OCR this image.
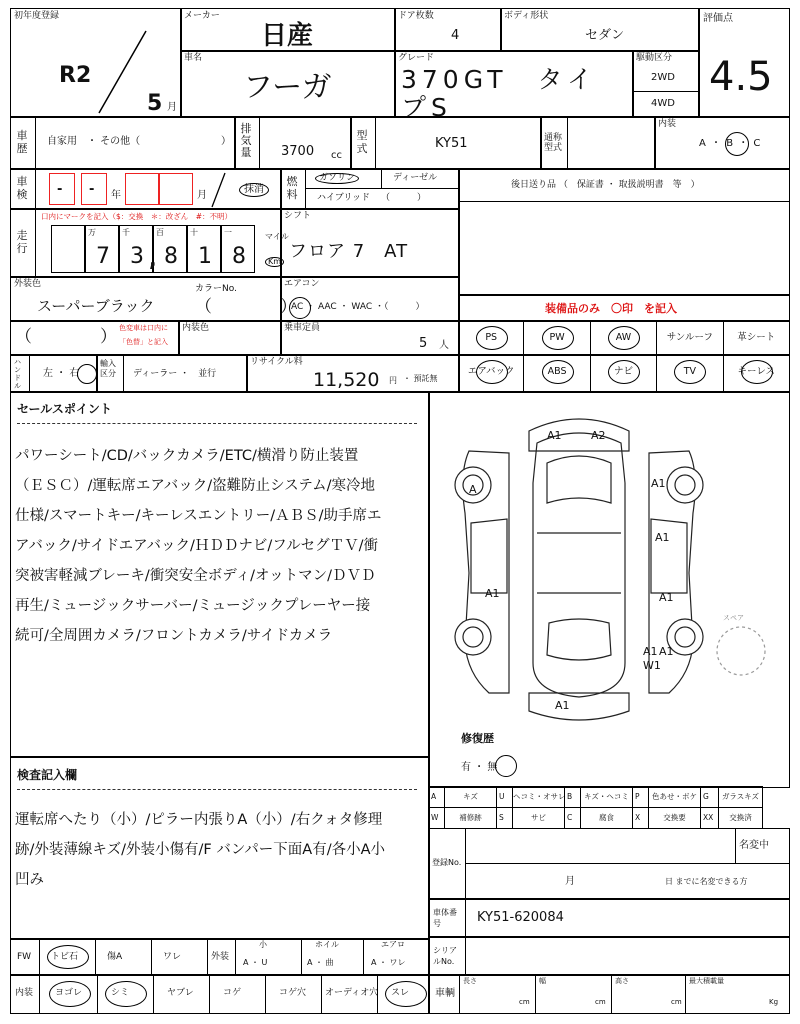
初年度登録
R2
5 月
メーカー
日産
ドア枚数
4
ボディ形状
セダン
評価点
4.5
車名
フーガ
グレード
370GT　タイ
プS
駆動区分
2WD
4WD
車歴
自家用　・ その他（	）
排気量 3700 cc
型式	KY51	通称型式
内装
A ・ B ・ C
車検 - - 年	月
抹消
燃料
ガソリン	ディーゼル
ハイブリッド （　　　）
後日送り品 （　保証書 ・ 取扱説明書　等　）
走行
口内にマークを記入（$：交換　＊：改ざん　#：不明）
万
7
千
3
百
8
十
1
一
8
,
マイル
Km
シフト
フロア 7　AT
エアコン
AC ・ AAC ・ WAC ・（　　　）
外装色
スーパーブラック
カラーNo.
（　　　　）	装備品のみ　〇印　を記入
（　　　　） 色変車は口内に
「色替」と記入
内装色	乗車定員
5 人
ハンドル
左 ・ 右
輸入区分	ディーラー ・　並行
リサイクル料
11,520 円 ・ 預託無
PS	PW	AW	サンルーフ	革シート
エアバック	ABS	ナビ	TV	キーレス
セールスポイント
パワーシート/CD/バックカメラ/ETC/横滑り防止装置
（ＥＳＣ）/運転席エアバック/盗難防止システム/寒冷地
仕様/スマートキー/キーレスエントリー/ＡＢＳ/助手席エ
アバック/サイドエアバック/ＨＤＤナビ/フルセグＴＶ/衝
突被害軽減ブレーキ/衝突安全ボディ/オットマン/ＤＶＤ
再生/ミュージックサーバー/ミュージックプレーヤー接
続可/全周囲カメラ/フロントカメラ/サイドカメラ
A1	A2
A1
A
A1
A1
A1
A1
A1
W1
A1
スペア
修復歴
有 ・ 無
検査記入欄
運転席へたり（小）/ピラー内張りA（小）/右クォタ修理
跡/外装薄線キズ/外装小傷有/F バンパー下面A有/各小A小
凹み
A	キズ	U ヘコミ・オサレ B	キズ・ヘコミ P	色あせ・ボケ G	ガラスキズ
W	補修跡	S	サビ	C	腐食	X	交換要	XX	交換済
登録No.
名変中
月	日 までに名変できる方
車体番号	KY51-620084
シリアルNo.
車輌
長さ
cm
幅
cm
高さ
cm
最大積載量
Kg
FW トビ石	傷A	ワレ	外装
小
A ・ U
ホイル
A ・ 曲
エアロ
A ・ ワレ
内装 ヨゴレ	シミ	ヤブレ	コゲ	コゲ穴 オーディオ穴 スレ
